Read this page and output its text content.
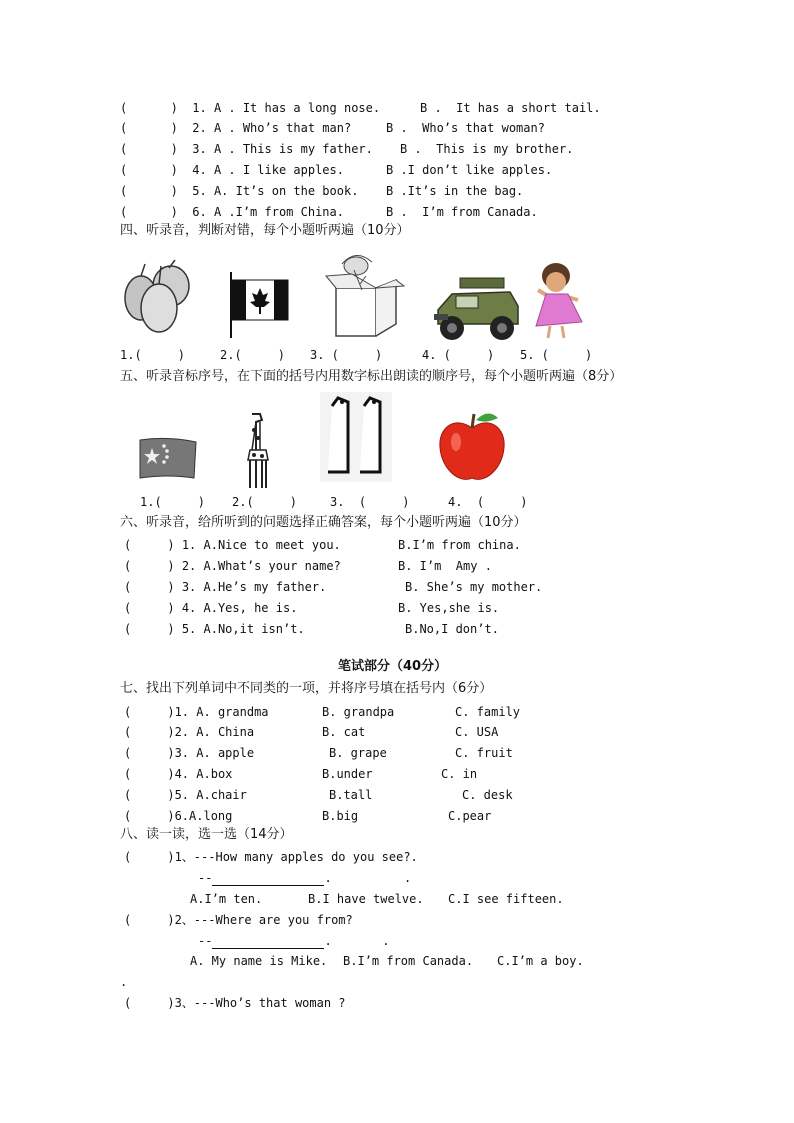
(      ) 1. A . It has a long nose.	B .  It has a short tail.
(      ) 2. A . Who’s that man?	B .  Who’s that woman?
(      ) 3. A . This is my father. B .  This is my brother.
(      ) 4. A . I like apples.	B .I don’t like apples.
(      ) 5. A. It’s on the book. B .It’s in the bag.
(      ) 6. A .I’m from China.	B .  I’m from Canada.
四、听录音，判断对错，每个小题听两遍（10分）
1.(     )	2.(     ) 3. (     )	4. (     ) 5. (     )
五、听录音标序号，在下面的括号内用数字标出朗读的顺序号，每个小题听两遍（8分）
1.(     ) 2.(     )	3.  (     )	4.  (     )
六、听录音，给所听到的问题选择正确答案，每个小题听两遍（10分）
(     ) 1. A.Nice to meet you.	B.I’m from china.
(     ) 2. A.What’s your name?	B. I’m  Amy .
(     ) 3. A.He’s my father.	B. She’s my mother.
(     ) 4. A.Yes, he is.	B. Yes,she is.
(     ) 5. A.No,it isn’t.	B.No,I don’t.
笔试部分（40分）
七、找出下列单词中不同类的一项，并将序号填在括号内（6分）
(     )1. A. grandma	B. grandpa	C. family
(     )2. A. China	B. cat	C. USA
(     )3. A. apple	B. grape	C. fruit
(     )4. A.box	B.under	C. in
(     )5. A.chair	B.tall	C. desk
(     )6.A.long	B.big	C.pear
八、读一读，选一选（14分）
(     )1、---How many apples do you see?.
--	.	.
A.I’m ten.	B.I have twelve. C.I see fifteen.
(     )2、---Where are you from?
--	.	.
A. My name is Mike. B.I’m from Canada. C.I’m a boy.
.
(     )3、---Who’s that woman ?
